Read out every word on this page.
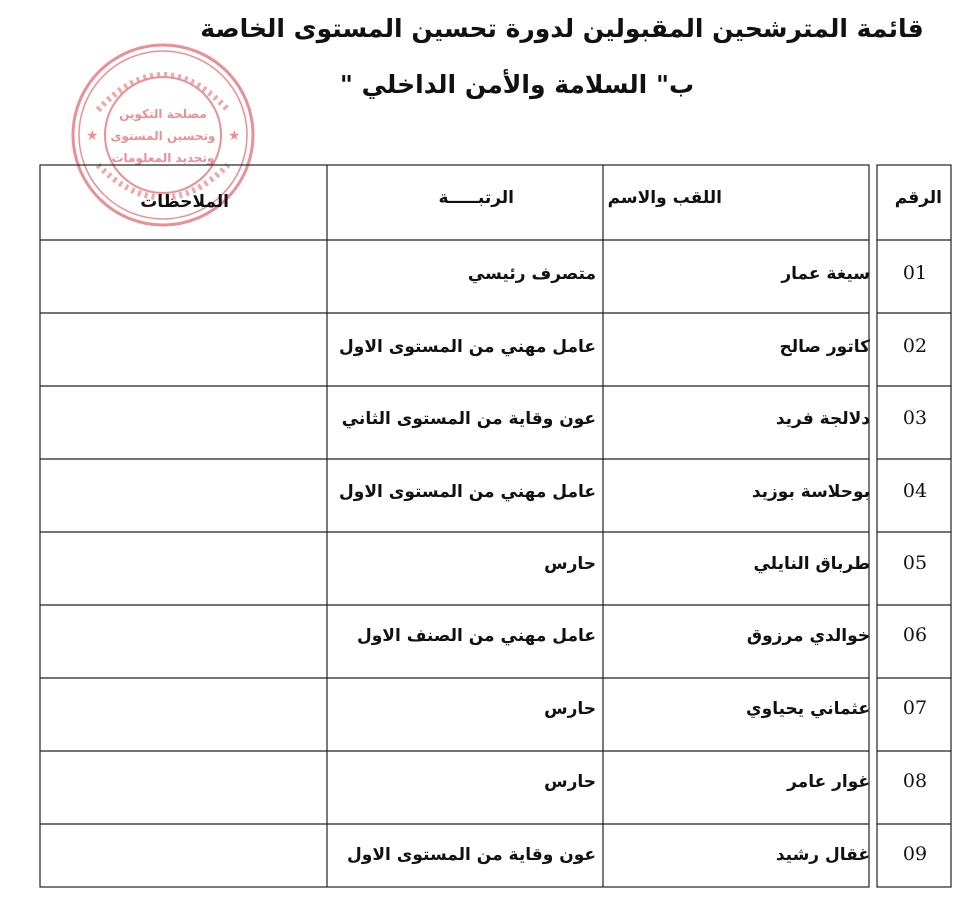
قائمة المترشحين المقبولين لدورة تحسين المستوى الخاصة
ب" السلامة والأمن الداخلي "
★	★
مصلحة التكوين
وتحسين المستوى
وتجديد المعلومات
الرقم
اللقب والاسم
الرتبـــــة
الملاحظات
01
سيغة عمار
متصرف رئيسي
02
كاتور صالح
عامل مهني من المستوى الاول
03
دلالجة فريد
عون وقاية من المستوى الثاني
04
بوحلاسة بوزيد
عامل مهني من المستوى الاول
05
طرباق النايلي
حارس
06
خوالدي مرزوق
عامل مهني من الصنف الاول
07
عثماني يحياوي
حارس
08
غوار عامر
حارس
09
غقال رشيد
عون وقاية من المستوى الاول
